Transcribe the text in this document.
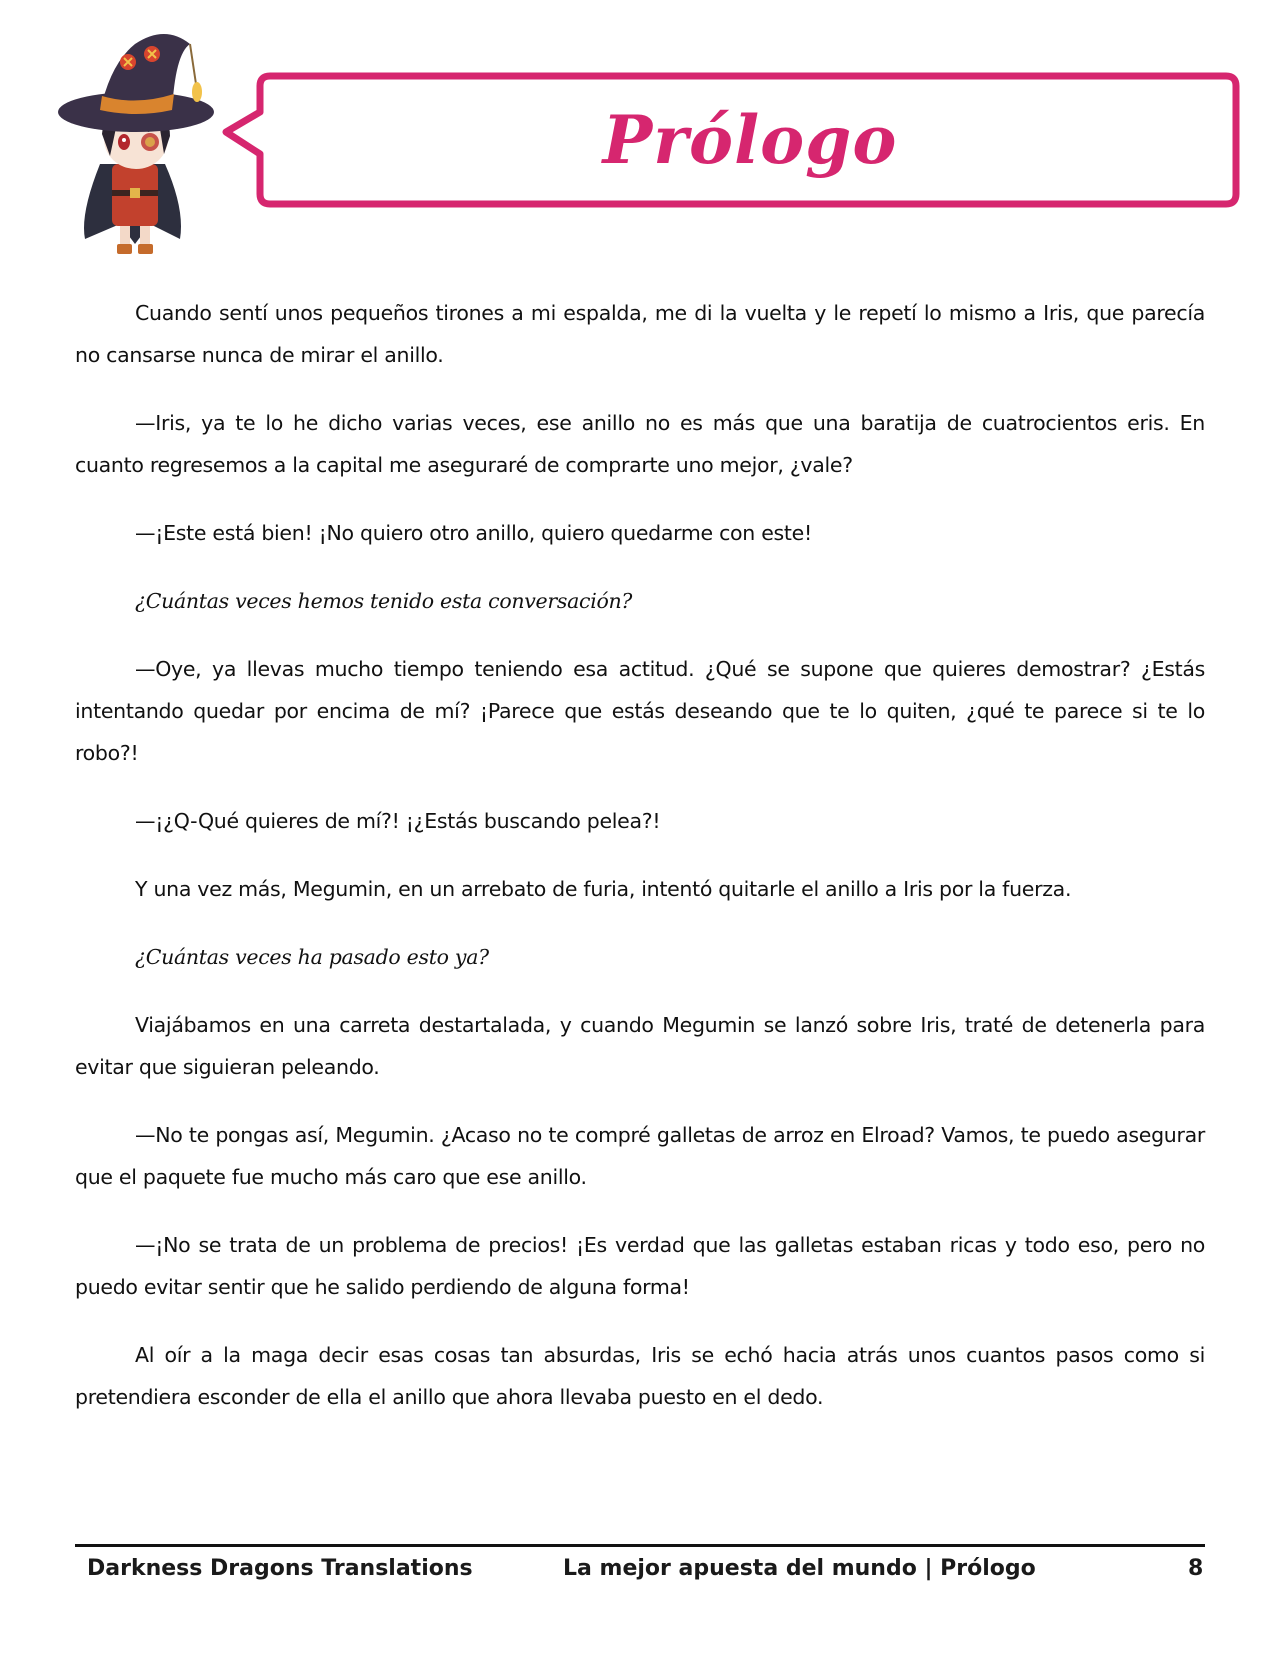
Prólogo

Cuando sentí unos pequeños tirones a mi espalda, me di la vuelta y le repetí lo mismo a Iris, que parecía no cansarse nunca de mirar el anillo.

—Iris, ya te lo he dicho varias veces, ese anillo no es más que una baratija de cuatrocientos eris. En cuanto regresemos a la capital me aseguraré de comprarte uno mejor, ¿vale?

—¡Este está bien! ¡No quiero otro anillo, quiero quedarme con este!

¿Cuántas veces hemos tenido esta conversación?

—Oye, ya llevas mucho tiempo teniendo esa actitud. ¿Qué se supone que quieres demostrar? ¿Estás intentando quedar por encima de mí? ¡Parece que estás deseando que te lo quiten, ¿qué te parece si te lo robo?!

—¡¿Q-Qué quieres de mí?! ¡¿Estás buscando pelea?!

Y una vez más, Megumin, en un arrebato de furia, intentó quitarle el anillo a Iris por la fuerza.

¿Cuántas veces ha pasado esto ya?

Viajábamos en una carreta destartalada, y cuando Megumin se lanzó sobre Iris, traté de detenerla para evitar que siguieran peleando.

—No te pongas así, Megumin. ¿Acaso no te compré galletas de arroz en Elroad? Vamos, te puedo asegurar que el paquete fue mucho más caro que ese anillo.

—¡No se trata de un problema de precios! ¡Es verdad que las galletas estaban ricas y todo eso, pero no puedo evitar sentir que he salido perdiendo de alguna forma!

Al oír a la maga decir esas cosas tan absurdas, Iris se echó hacia atrás unos cuantos pasos como si pretendiera esconder de ella el anillo que ahora llevaba puesto en el dedo.

Darkness Dragons Translations	La mejor apuesta del mundo | Prólogo	8
